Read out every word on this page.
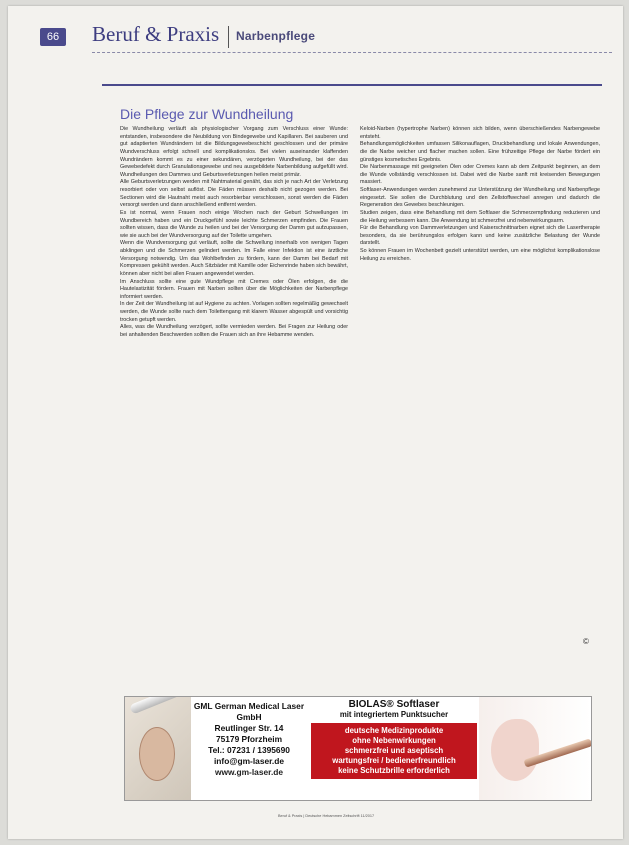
66	Beruf & Praxis Narbenpflege
Die Pflege zur Wundheilung

Die Wundheilung verläuft als physiologischer Vorgang zum Verschluss einer Wunde: entstanden, insbesondere die Neubildung von Bindegewebe und Kapillaren. Bei sauberen und gut adaptierten Wundrändern ist die Bildungsgewebeschicht geschlossen und der primäre Wundverschluss erfolgt schnell und komplikationslos. Bei vielen auseinander klaffenden Wundrändern kommt es zu einer sekundären, verzögerten Wundheilung, bei der das Gewebedefekt durch Granulationsgewebe und neu ausgebildete Narbenbildung aufgefüllt wird. Wundheilungen des Dammes und Geburtsverletzungen heilen meist primär.
Alle Geburtsverletzungen werden mit Nahtmaterial genäht, das sich je nach Art der Verletzung resorbiert oder von selbst auflöst. Die Fäden müssen deshalb nicht gezogen werden. Bei Sectionen wird die Hautnaht meist auch resorbierbar verschlossen, sonst werden die Fäden versorgt werden und dann anschließend entfernt werden.
Es ist normal, wenn Frauen noch einige Wochen nach der Geburt Schwellungen im Wundbereich haben und ein Druckgefühl sowie leichte Schmerzen empfinden. Die Frauen sollten wissen, dass die Wunde zu heilen und bei der Versorgung der Damm gut aufzupassen, wie sie auch bei der Wundversorgung auf der Toilette umgehen.
Wenn die Wundversorgung gut verläuft, sollte die Schwellung innerhalb von wenigen Tagen abklingen und die Schmerzen gelindert werden. Im Falle einer Infektion ist eine ärztliche Versorgung notwendig. Um das Wohlbefinden zu fördern, kann der Damm bei Bedarf mit Kompressen gekühlt werden. Auch Sitzbäder mit Kamille oder Eichenrinde haben sich bewährt, können aber nicht bei allen Frauen angewendet werden.
Im Anschluss sollte eine gute Wundpflege mit Cremes oder Ölen erfolgen, die die Hautelastizität fördern. Frauen mit Narben sollten über die Möglichkeiten der Narbenpflege informiert werden.
In der Zeit der Wundheilung ist auf Hygiene zu achten. Vorlagen sollten regelmäßig gewechselt werden, die Wunde sollte nach dem Toilettengang mit klarem Wasser abgespült und vorsichtig trocken getupft werden.
Alles, was die Wundheilung verzögert, sollte vermieden werden. Bei Fragen zur Heilung oder bei anhaltenden Beschwerden sollten die Frauen sich an ihre Hebamme wenden.

Keloid-Narben (hypertrophe Narben) können sich bilden, wenn überschießendes Narbengewebe entsteht.
Behandlungsmöglichkeiten umfassen Silikonauflagen, Druckbehandlung und lokale Anwendungen, die die Narbe weicher und flacher machen sollen. Eine frühzeitige Pflege der Narbe fördert ein günstiges kosmetisches Ergebnis.
Die Narbenmassage mit geeigneten Ölen oder Cremes kann ab dem Zeitpunkt beginnen, an dem die Wunde vollständig verschlossen ist. Dabei wird die Narbe sanft mit kreisenden Bewegungen massiert.
Softlaser-Anwendungen werden zunehmend zur Unterstützung der Wundheilung und Narbenpflege eingesetzt. Sie sollen die Durchblutung und den Zellstoffwechsel anregen und dadurch die Regeneration des Gewebes beschleunigen.
Studien zeigen, dass eine Behandlung mit dem Softlaser die Schmerzempfindung reduzieren und die Heilung verbessern kann. Die Anwendung ist schmerzfrei und nebenwirkungsarm.
Für die Behandlung von Dammverletzungen und Kaiserschnittnarben eignet sich die Lasertherapie besonders, da sie berührungslos erfolgen kann und keine zusätzliche Belastung der Wunde darstellt.
So können Frauen im Wochenbett gezielt unterstützt werden, um eine möglichst komplikationslose Heilung zu erreichen.

©
GML German Medical Laser GmbH
Reutlinger Str. 14
75179 Pforzheim
Tel.: 07231 / 1395690
info@gm-laser.de
www.gm-laser.de
BIOLAS® Softlaser
mit integriertem Punktsucher
deutsche Medizinprodukte
ohne Nebenwirkungen
schmerzfrei und aseptisch
wartungsfrei / bedienerfreundlich
keine Schutzbrille erforderlich
Beruf & Praxis | Deutsche Hebammen Zeitschrift 11/2017
